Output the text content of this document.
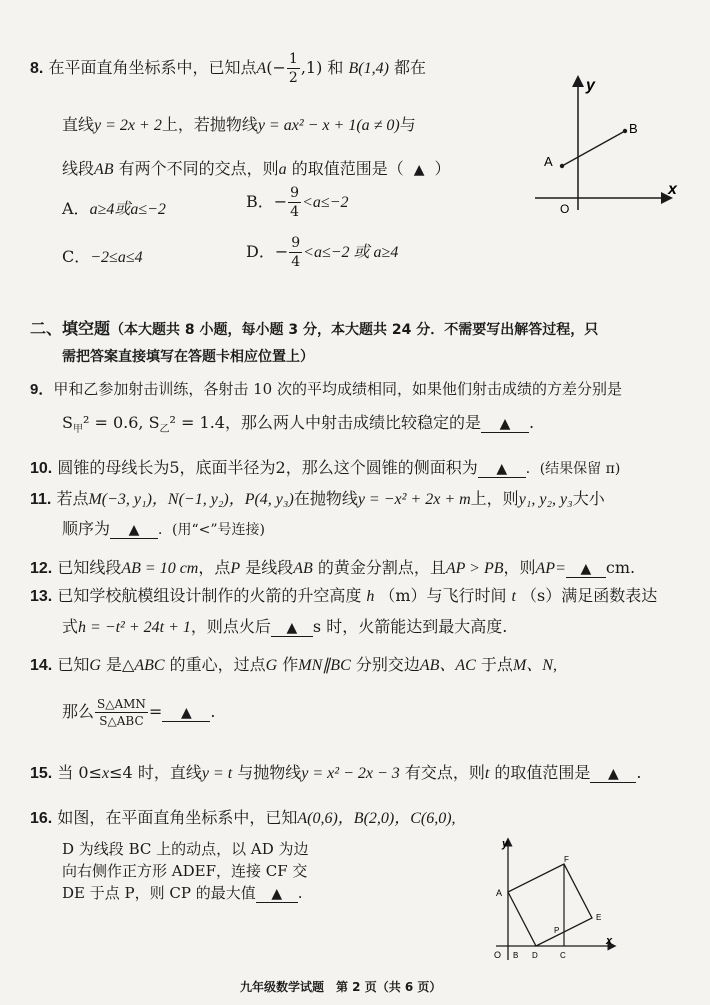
8. 在平面直角坐标系中，已知点$A(- \frac{1}{2} ,1)$ 和 B(1,4) 都在
直线y = 2x + 2上，若抛物线y = ax² − x + 1(a ≠ 0)与
线段AB 有两个不同的交点，则a 的取值范围是（ ▲ ）
A．a≥4或a≤−2	B．− $\frac{9}{4} <a\le-2$
C．−2≤a≤4	D．− $\frac{9}{4} <a\le-2$ 或 a≥4
y
x
O
A
B
二、填空题（本大题共 8 小题，每小题 3 分，本大题共 24 分．不需要写出解答过程，只
需把答案直接填写在答题卡相应位置上）
9．甲和乙参加射击训练，各射击 10 次的平均成绩相同，如果他们射击成绩的方差分别是
$S_甲^2 = 0.6$, $S_乙^2 = 1.4$，那么两人中射击成绩比较稳定的是 ▲ .
10. 圆锥的母线长为5，底面半径为2，那么这个圆锥的侧面积为 ▲ ．(结果保留 π)
11. 若点M(−3, y₁)，N(−1, y₂)，P(4, y₃)在抛物线y = −x² + 2x + m上，则y₁, y₂, y₃大小
顺序为 ▲ ．(用“<”号连接)
12. 已知线段AB = 10 cm，点P 是线段AB 的黄金分割点，且AP > PB，则AP= ▲ cm.
13. 已知学校航模组设计制作的火箭的升空高度 h （m）与飞行时间 t （s）满足函数表达
式h = −t² + 24t + 1，则点火后 ▲ s 时，火箭能达到最大高度.
14. 已知G 是△ABC 的重心，过点G 作MN∥BC 分别交边AB、AC 于点M、N,
那么 $\frac{\text{S△AMN}}{\text{S△ABC}}$ = ▲ .
15. 当 0≤x≤4 时，直线y = t 与抛物线y = x² − 2x − 3 有交点，则t 的取值范围是 ▲ .
16. 如图，在平面直角坐标系中，已知A(0,6)，B(2,0)，C(6,0),
D 为线段 BC 上的动点，以 AD 为边
向右侧作正方形 ADEF，连接 CF 交
DE 于点 P，则 CP 的最大值 ▲ .
y
x
O
A
B D	C
E
F
P
九年级数学试题　第 2 页（共 6 页）
